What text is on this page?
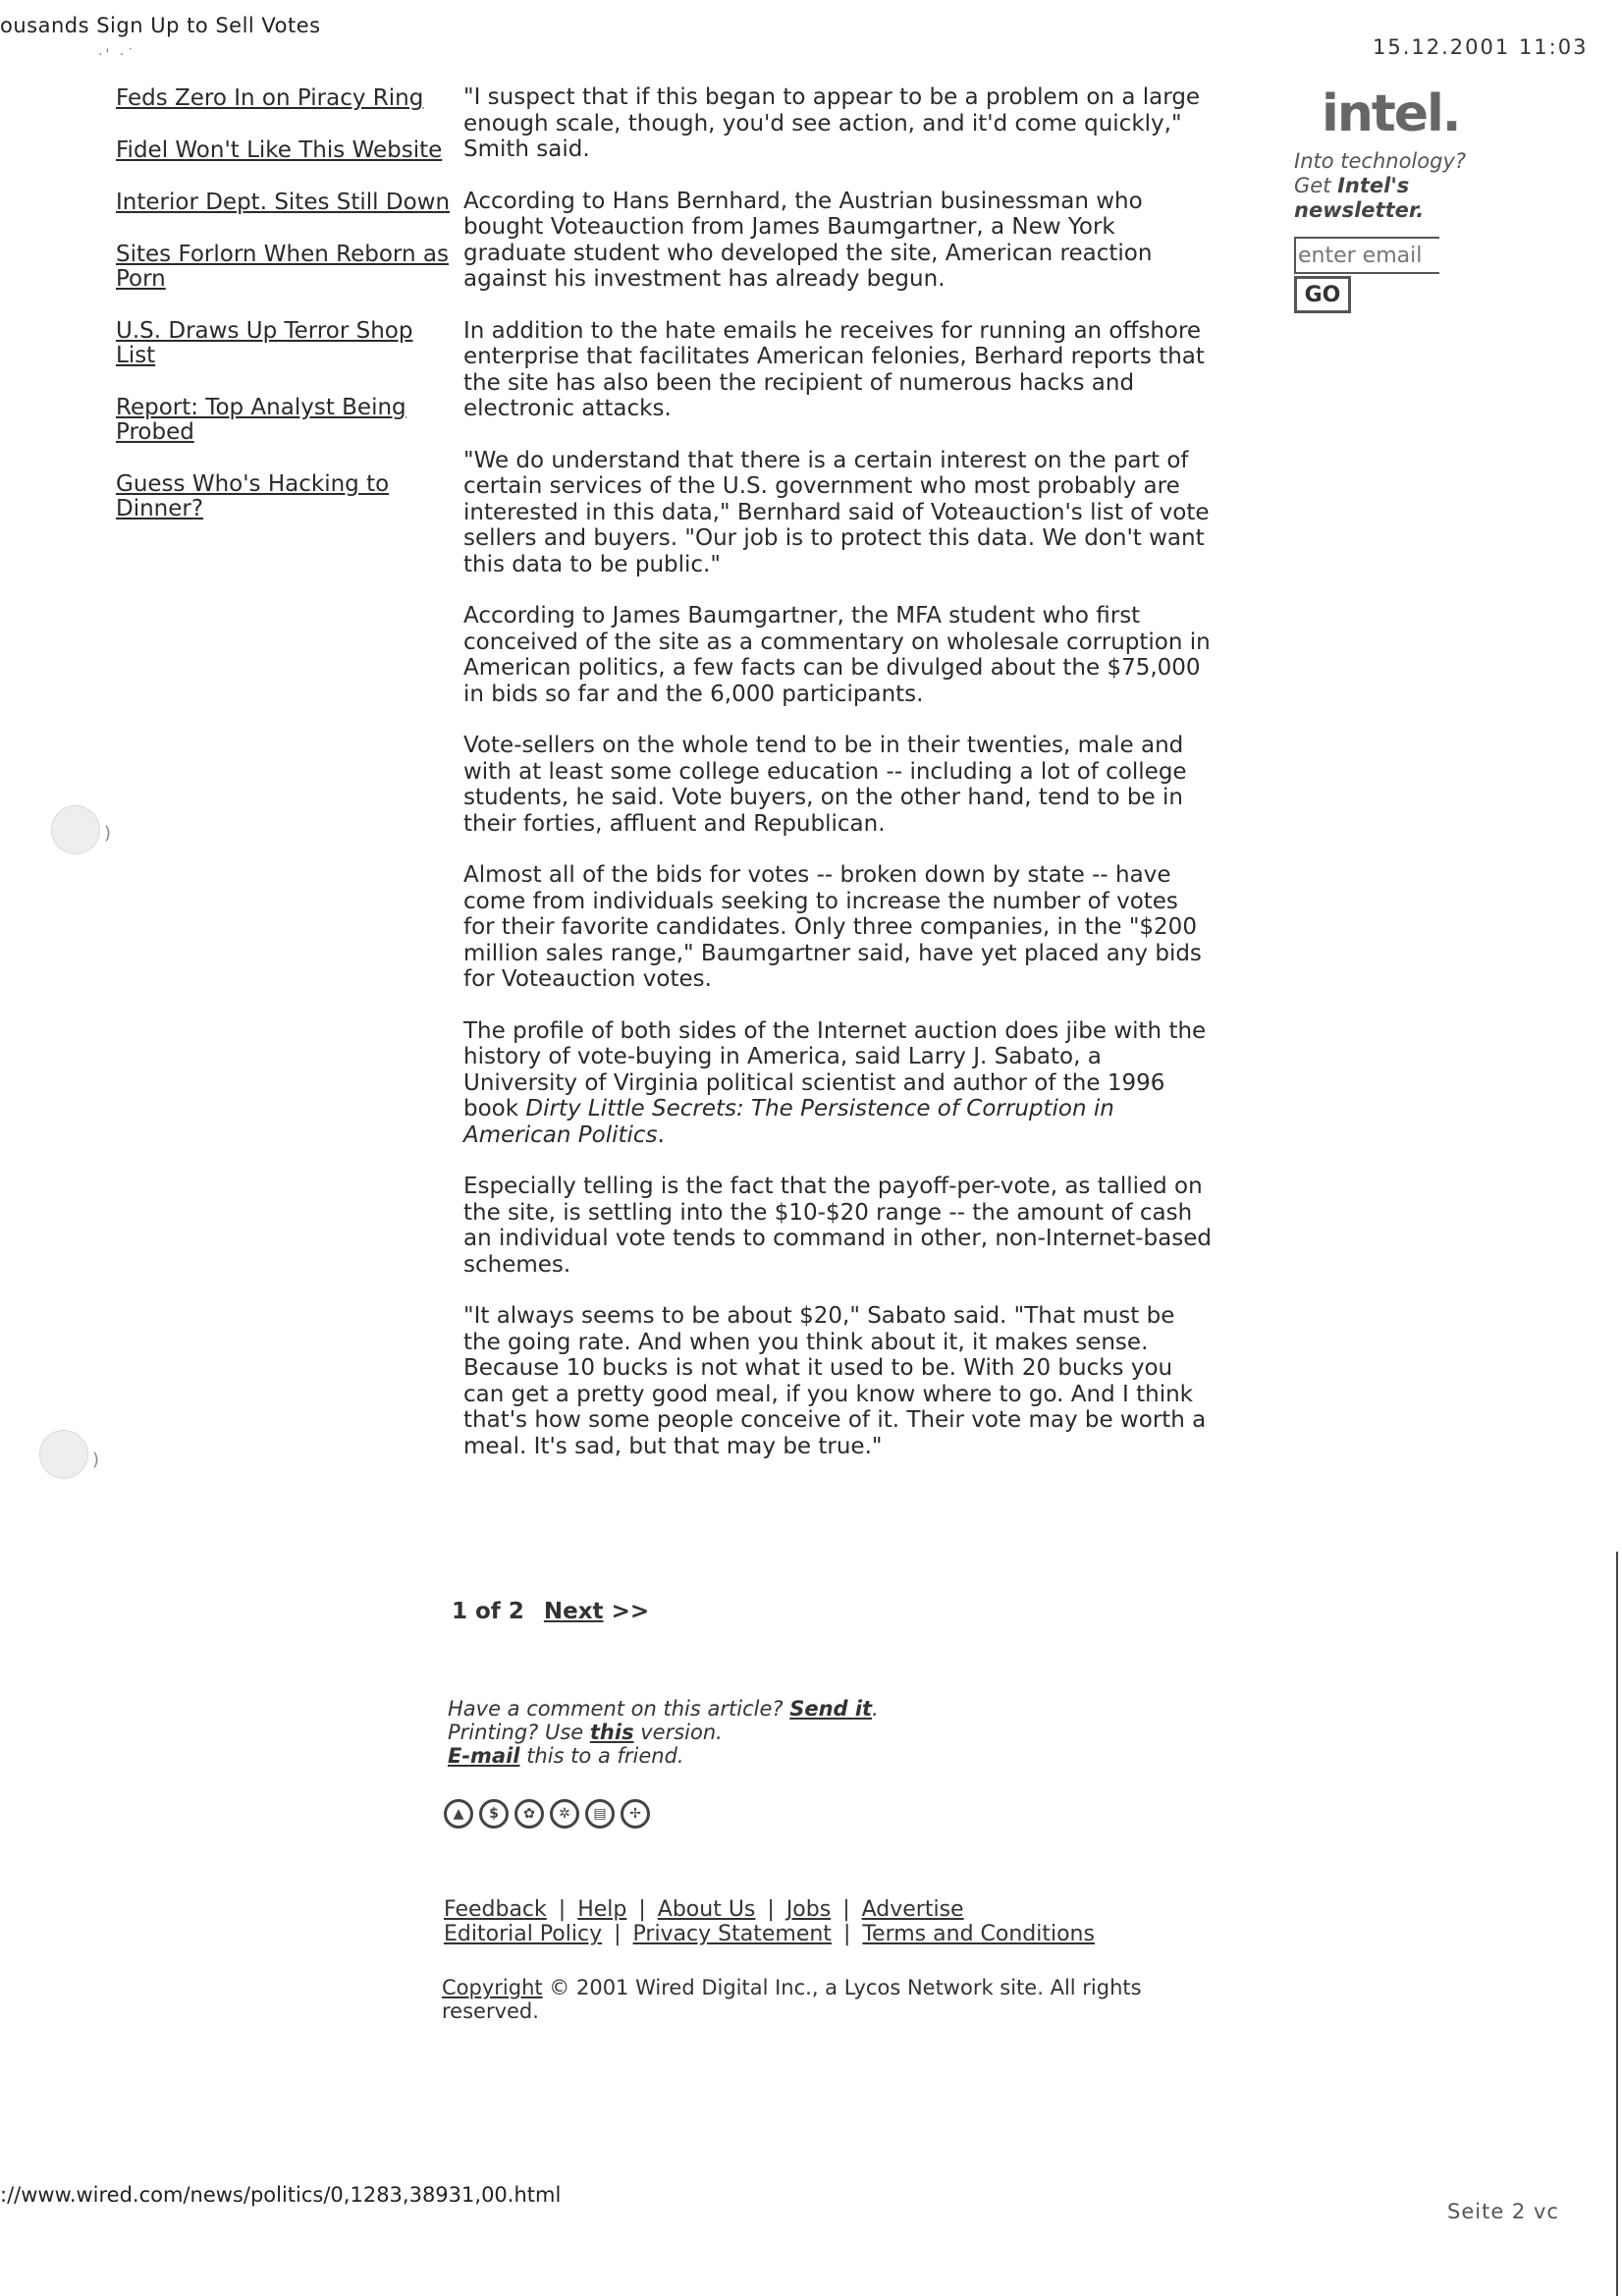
ousands Sign Up to Sell Votes
15.12.2001 11:03
·' ·˙
Feds Zero In on Piracy Ring
Fidel Won't Like This Website
Interior Dept. Sites Still Down
Sites Forlorn When Reborn as Porn
U.S. Draws Up Terror Shop List
Report: Top Analyst Being Probed
Guess Who's Hacking to Dinner?

"I suspect that if this began to appear to be a problem on a large enough scale, though, you'd see action, and it'd come quickly," Smith said.

According to Hans Bernhard, the Austrian businessman who bought Voteauction from James Baumgartner, a New York graduate student who developed the site, American reaction against his investment has already begun.

In addition to the hate emails he receives for running an offshore enterprise that facilitates American felonies, Berhard reports that the site has also been the recipient of numerous hacks and electronic attacks.

"We do understand that there is a certain interest on the part of certain services of the U.S. government who most probably are interested in this data," Bernhard said of Voteauction's list of vote sellers and buyers. "Our job is to protect this data. We don't want this data to be public."

According to James Baumgartner, the MFA student who first conceived of the site as a commentary on wholesale corruption in American politics, a few facts can be divulged about the $75,000 in bids so far and the 6,000 participants.

Vote-sellers on the whole tend to be in their twenties, male and with at least some college education -- including a lot of college students, he said. Vote buyers, on the other hand, tend to be in their forties, affluent and Republican.

Almost all of the bids for votes -- broken down by state -- have come from individuals seeking to increase the number of votes for their favorite candidates. Only three companies, in the "$200 million sales range," Baumgartner said, have yet placed any bids for Voteauction votes.

The profile of both sides of the Internet auction does jibe with the history of vote-buying in America, said Larry J. Sabato, a University of Virginia political scientist and author of the 1996 book Dirty Little Secrets: The Persistence of Corruption in American Politics.

Especially telling is the fact that the payoff-per-vote, as tallied on the site, is settling into the $10-$20 range -- the amount of cash an individual vote tends to command in other, non-Internet-based schemes.

"It always seems to be about $20," Sabato said. "That must be the going rate. And when you think about it, it makes sense. Because 10 bucks is not what it used to be. With 20 bucks you can get a pretty good meal, if you know where to go. And I think that's how some people conceive of it. Their vote may be worth a meal. It's sad, but that may be true."

1 of 2 Next >>
Have a comment on this article? Send it.
Printing? Use this version.
E-mail this to a friend.
▲	$	✿	✲	▤	✢
Feedback | Help | About Us | Jobs | Advertise
Editorial Policy | Privacy Statement | Terms and Conditions
Copyright © 2001 Wired Digital Inc., a Lycos Network site. All rights reserved.
intel.
Into technology?
Get Intel's
newsletter.
enter email
GO
)
)
://www.wired.com/news/politics/0,1283,38931,00.html
Seite 2 vc
